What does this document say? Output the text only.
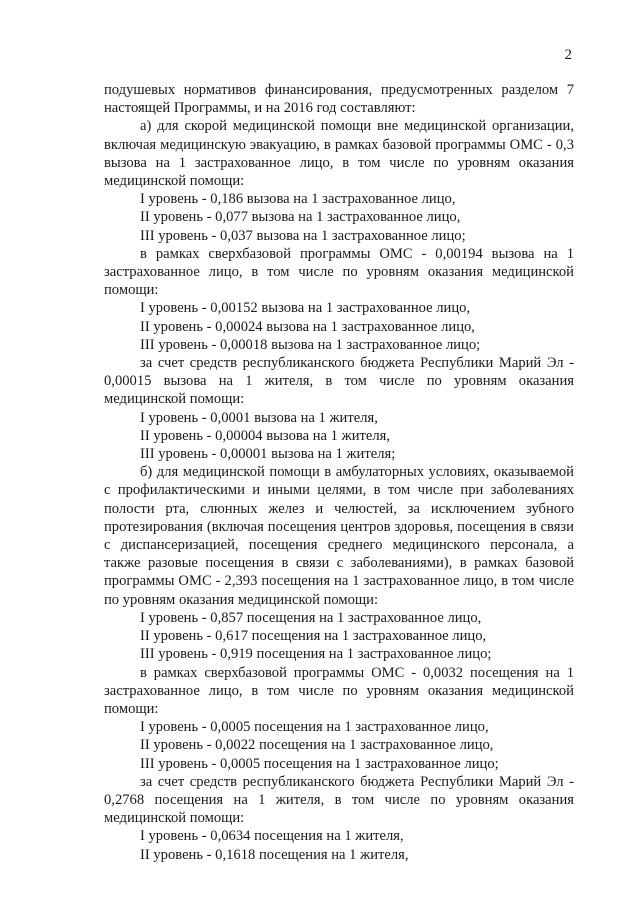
2

подушевых нормативов финансирования, предусмотренных разделом 7 настоящей Программы, и на 2016 год составляют:

а) для скорой медицинской помощи вне медицинской организации, включая медицинскую эвакуацию, в рамках базовой программы ОМС - 0,3 вызова на 1 застрахованное лицо, в том числе по уровням оказания медицинской помощи:

I уровень - 0,186 вызова на 1 застрахованное лицо,

II уровень - 0,077 вызова на 1 застрахованное лицо,

III уровень - 0,037 вызова на 1 застрахованное лицо;

в рамках сверхбазовой программы ОМС - 0,00194 вызова на 1 застрахованное лицо, в том числе по уровням оказания медицинской помощи:

I уровень - 0,00152 вызова на 1 застрахованное лицо,

II уровень - 0,00024 вызова на 1 застрахованное лицо,

III уровень - 0,00018 вызова на 1 застрахованное лицо;

за счет средств республиканского бюджета Республики Марий Эл - 0,00015 вызова на 1 жителя, в том числе по уровням оказания медицинской помощи:

I уровень - 0,0001 вызова на 1 жителя,

II уровень - 0,00004 вызова на 1 жителя,

III уровень - 0,00001 вызова на 1 жителя;

б) для медицинской помощи в амбулаторных условиях, оказываемой с профилактическими и иными целями, в том числе при заболеваниях полости рта, слюнных желез и челюстей, за исключением зубного протезирования (включая посещения центров здоровья, посещения в связи с диспансеризацией, посещения среднего медицинского персонала, а также разовые посещения в связи с заболеваниями), в рамках базовой программы ОМС - 2,393 посещения на 1 застрахованное лицо, в том числе по уровням оказания медицинской помощи:

I уровень - 0,857 посещения на 1 застрахованное лицо,

II уровень - 0,617 посещения на 1 застрахованное лицо,

III уровень - 0,919 посещения на 1 застрахованное лицо;

в рамках сверхбазовой программы ОМС - 0,0032 посещения на 1 застрахованное лицо, в том числе по уровням оказания медицинской помощи:

I уровень - 0,0005 посещения на 1 застрахованное лицо,

II уровень - 0,0022 посещения на 1 застрахованное лицо,

III уровень - 0,0005 посещения на 1 застрахованное лицо;

за счет средств республиканского бюджета Республики Марий Эл - 0,2768 посещения на 1 жителя, в том числе по уровням оказания медицинской помощи:

I уровень - 0,0634 посещения на 1 жителя,

II уровень - 0,1618 посещения на 1 жителя,
